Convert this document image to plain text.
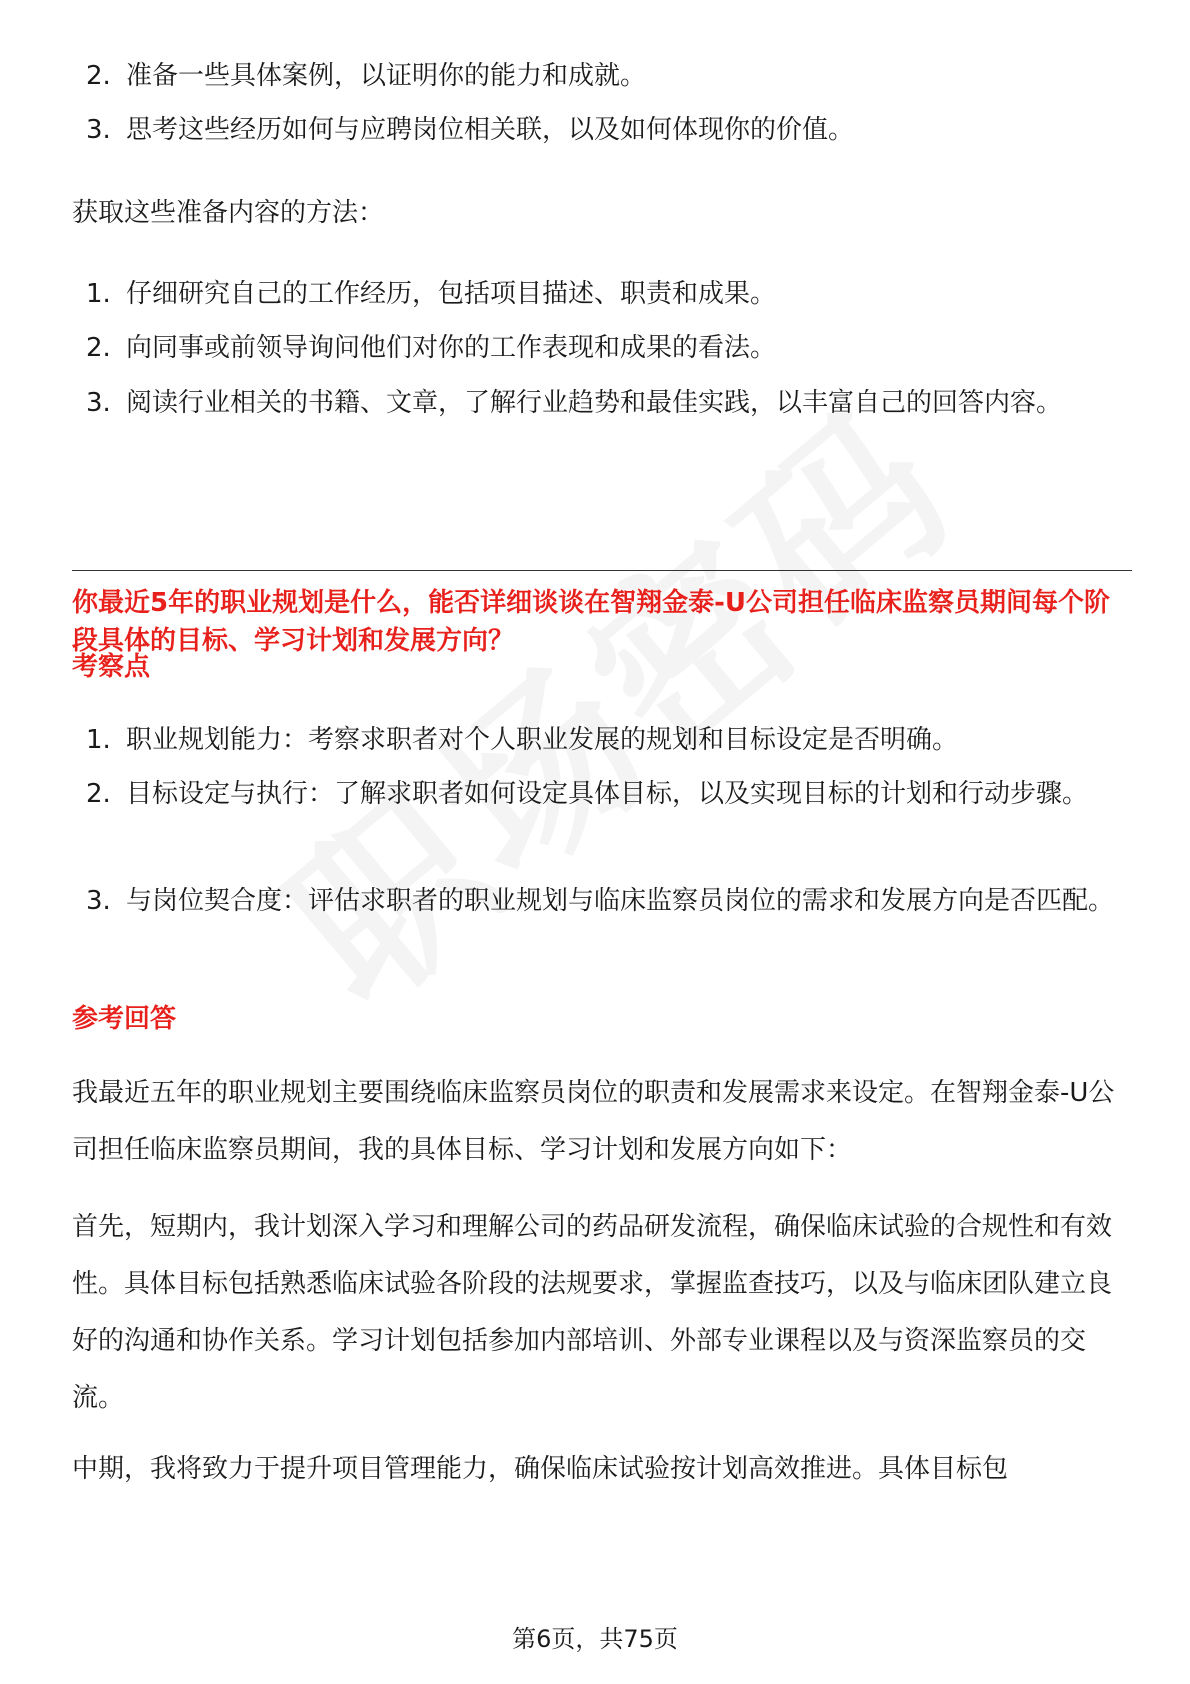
2. 准备一些具体案例，以证明你的能力和成就。
3. 思考这些经历如何与应聘岗位相关联，以及如何体现你的价值。
获取这些准备内容的方法：
1. 仔细研究自己的工作经历，包括项目描述、职责和成果。
2. 向同事或前领导询问他们对你的工作表现和成果的看法。
3. 阅读行业相关的书籍、文章，了解行业趋势和最佳实践，以丰富自己的回答内容。
你最近5年的职业规划是什么，能否详细谈谈在智翔金泰-U公司担任临床监察员期间每个阶段具体的目标、学习计划和发展方向？
考察点
1. 职业规划能力：考察求职者对个人职业发展的规划和目标设定是否明确。
2. 目标设定与执行：了解求职者如何设定具体目标，以及实现目标的计划和行动步骤。
3. 与岗位契合度：评估求职者的职业规划与临床监察员岗位的需求和发展方向是否匹配。
参考回答
我最近五年的职业规划主要围绕临床监察员岗位的职责和发展需求来设定。在智翔金泰-U公司担任临床监察员期间，我的具体目标、学习计划和发展方向如下：
首先，短期内，我计划深入学习和理解公司的药品研发流程，确保临床试验的合规性和有效性。具体目标包括熟悉临床试验各阶段的法规要求，掌握监查技巧，以及与临床团队建立良好的沟通和协作关系。学习计划包括参加内部培训、外部专业课程以及与资深监察员的交流。
中期，我将致力于提升项目管理能力，确保临床试验按计划高效推进。具体目标包
第6页，共75页
